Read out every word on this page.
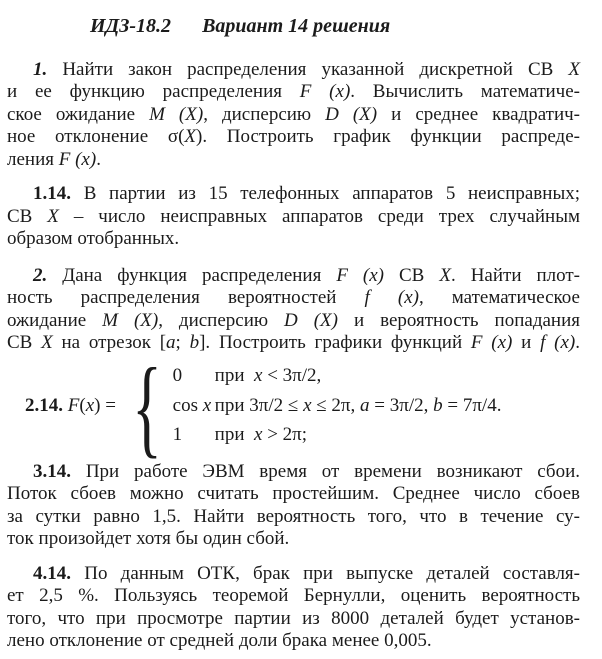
ИДЗ-18.2 Вариант 14 решения
1. Найти закон распределения указанной дискретной СВ X
и ее функцию распределения F (x). Вычислить математиче-
ское ожидание M (X), дисперсию D (X) и среднее квадратич-
ное отклонение σ(X). Построить график функции распреде-
ления F (x).
1.14. В партии из 15 телефонных аппаратов 5 неисправных;
СВ X – число неисправных аппаратов среди трех случайным
образом отобранных.
2. Дана функция распределения F (x) СВ X. Найти плот-
ность распределения вероятностей f (x), математическое
ожидание M (X), дисперсию D (X) и вероятность попадания
СВ X на отрезок [a; b]. Построить графики функций F (x) и f (x).
2.14. F(x) = { 0	при  x < 3π/2,
cos x при 3π/2 ≤ x ≤ 2π, a = 3π/2, b = 7π/4.
1	при  x > 2π;
3.14. При работе ЭВМ время от времени возникают сбои.
Поток сбоев можно считать простейшим. Среднее число сбоев
за сутки равно 1,5. Найти вероятность того, что в течение су-
ток произойдет хотя бы один сбой.
4.14. По данным ОТК, брак при выпуске деталей составля-
ет 2,5 %. Пользуясь теоремой Бернулли, оценить вероятность
того, что при просмотре партии из 8000 деталей будет установ-
лено отклонение от средней доли брака менее 0,005.
